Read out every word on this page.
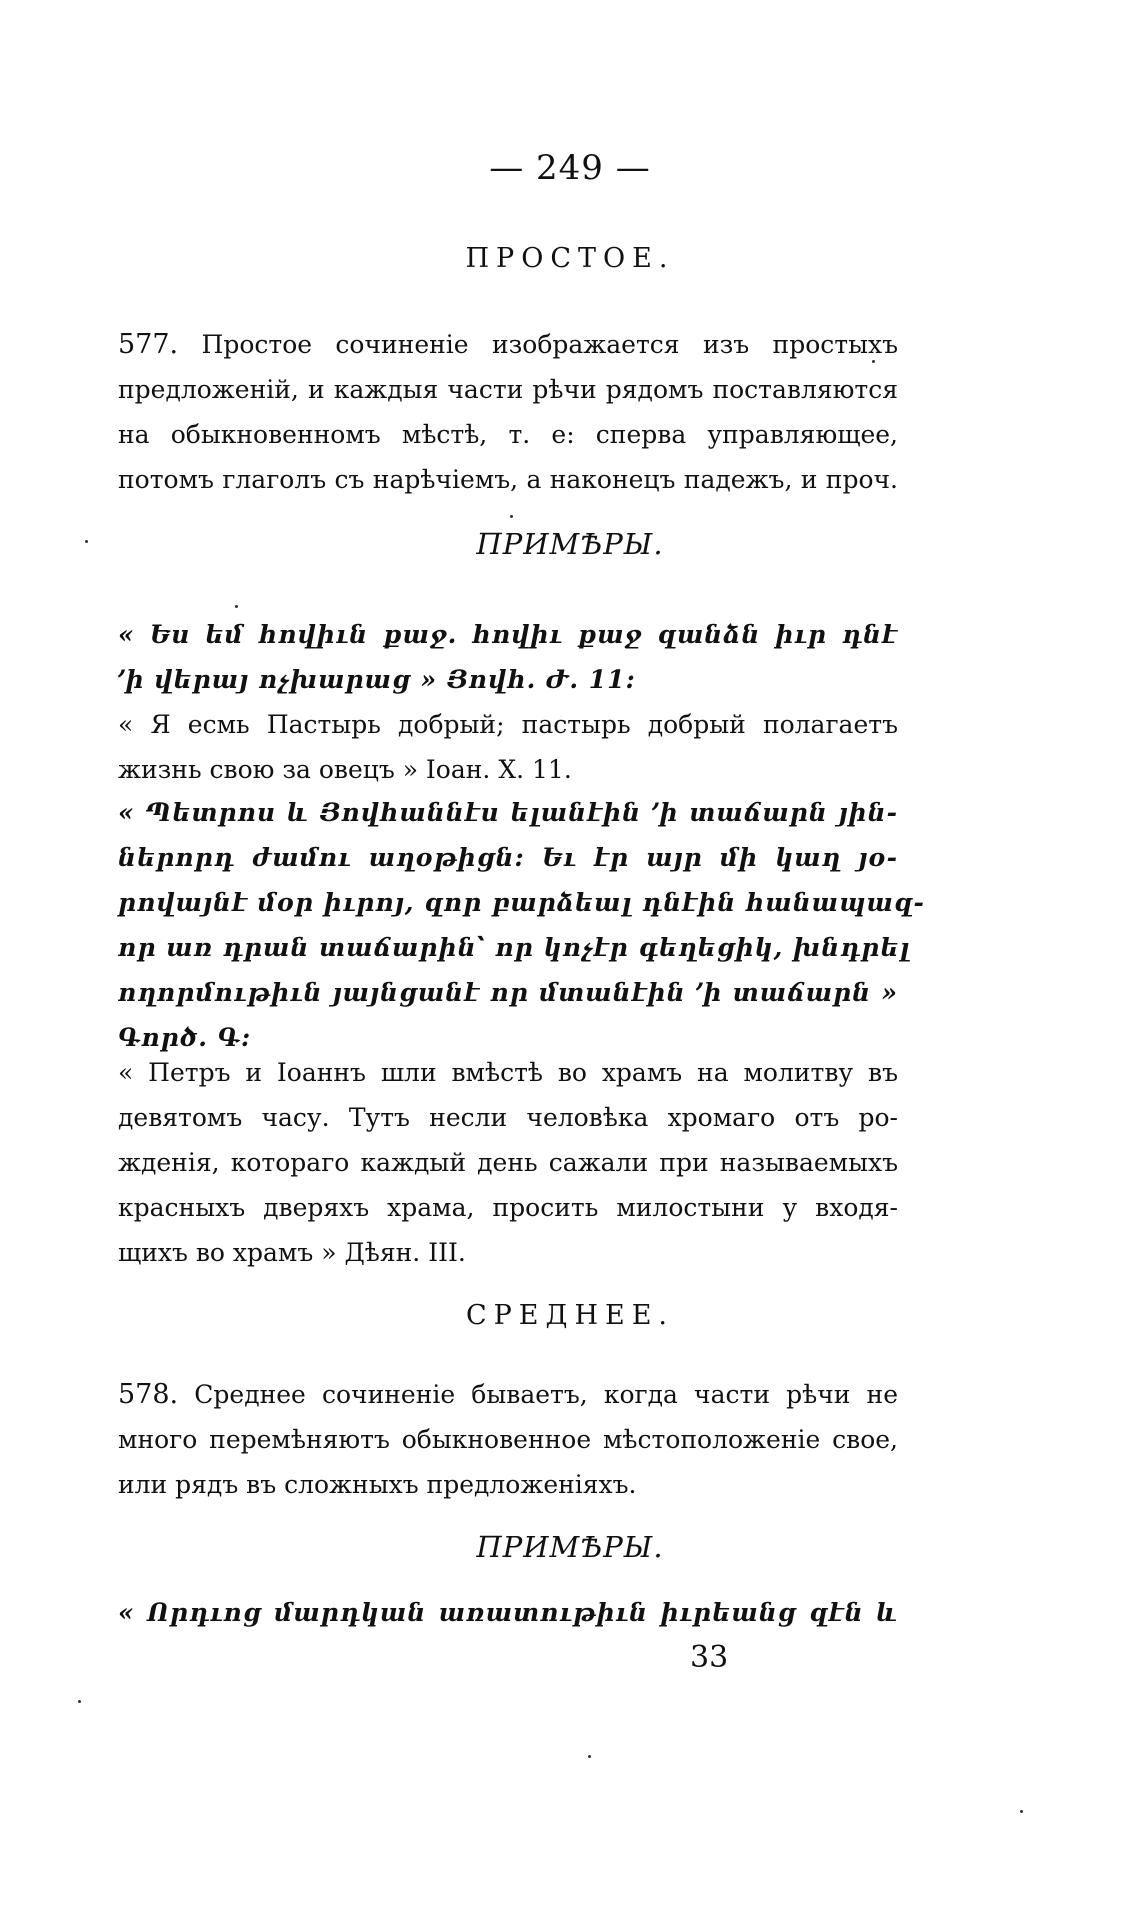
— 249 —
ПРОСТОЕ.
577. Простое сочиненіе изображается изъ простыхъ
предложеній, и каждыя части рѣчи рядомъ поставляются
на обыкновенномъ мѣстѣ, т. е: сперва управляющее,
потомъ глаголъ съ нарѣчіемъ, а наконецъ падежъ, и проч.
ПРИМѢРЫ.
« Ես եմ հովիւն քաջ. հովիւ քաջ զանձն իւր դնէ
՚ի վերայ ոչխարաց » Յովհ. Ժ. 11:
« Я есмь Пастырь добрый; пастырь добрый полагаетъ
жизнь свою за овецъ » Іоан. X. 11.
« Պետրոս և Յովհաննէս ելանէին ՚ի տաճարն յին-
ներորդ ժամու աղօթիցն: Եւ էր այր մի կաղ յօ-
րովայնէ մօր իւրոյ, զոր բարձեալ դնէին հանապազ-
որ առ դրան տաճարին՝ որ կոչէր գեղեցիկ, խնդրել
ողորմութիւն յայնցանէ որ մտանէին ՚ի տաճարն »
Գործ. Գ:
« Петръ и Іоаннъ шли вмѣстѣ во храмъ на молитву въ
девятомъ часу. Тутъ несли человѣка хромаго отъ ро-
жденія, котораго каждый день сажали при называемыхъ
красныхъ дверяхъ храма, просить милостыни у входя-
щихъ во храмъ » Дѣян. III.
СРЕДНЕЕ.
578. Среднее сочиненіе бываетъ, когда части рѣчи не
много перемѣняютъ обыкновенное мѣстоположеніе свое,
или рядъ въ сложныхъ предложеніяхъ.
ПРИМѢРЫ.
« Որդւոց մարդկան առատութիւն իւրեանց զէն և
33
